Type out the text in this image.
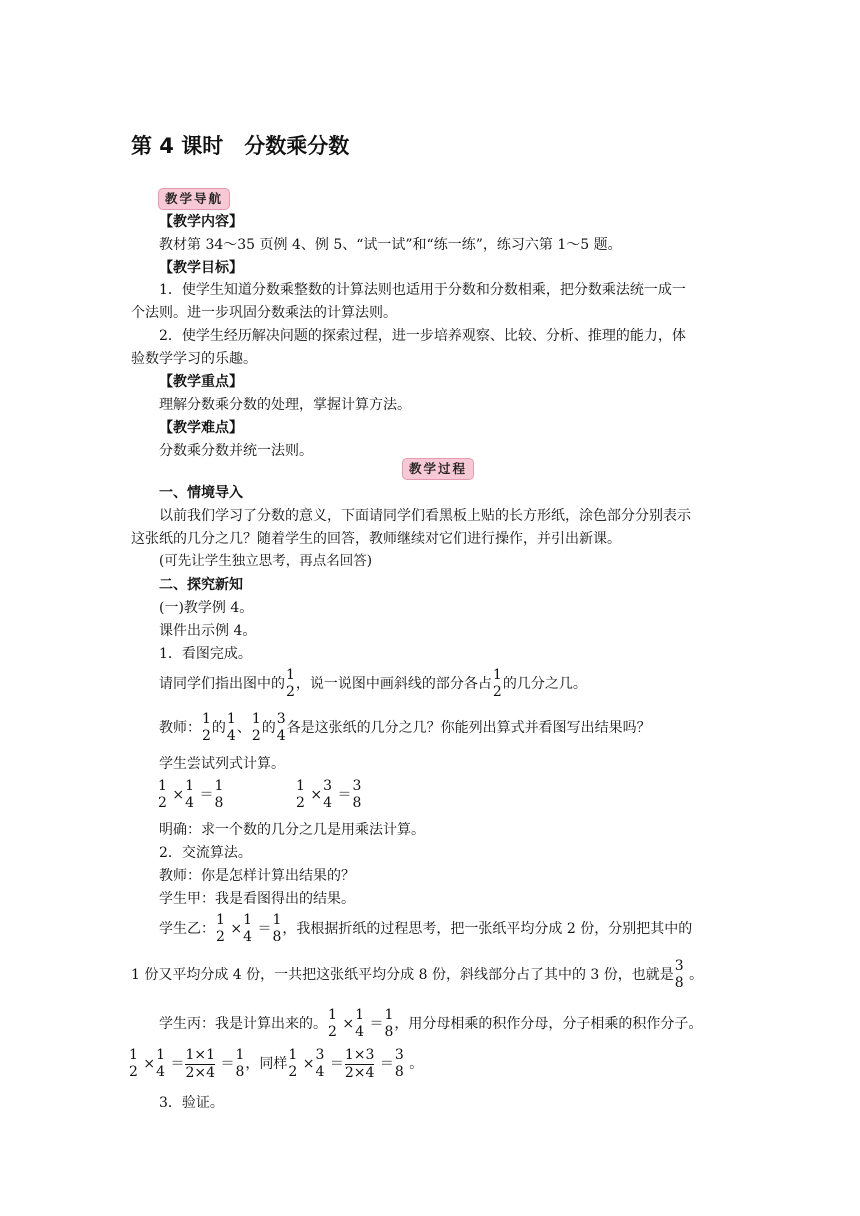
第 4 课时　分数乘分数
教学导航
【教学内容】
教材第 34～35 页例 4、例 5、“试一试”和“练一练”，练习六第 1～5 题。
【教学目标】
1．使学生知道分数乘整数的计算法则也适用于分数和分数相乘，把分数乘法统一成一
个法则。进一步巩固分数乘法的计算法则。
2．使学生经历解决问题的探索过程，进一步培养观察、比较、分析、推理的能力，体
验数学学习的乐趣。
【教学重点】
理解分数乘分数的处理，掌握计算方法。
【教学难点】
分数乘分数并统一法则。
教学过程
一、情境导入
以前我们学习了分数的意义，下面请同学们看黑板上贴的长方形纸，涂色部分分别表示
这张纸的几分之几？随着学生的回答，教师继续对它们进行操作，并引出新课。
(可先让学生独立思考，再点名回答)
二、探究新知
(一)教学例 4。
课件出示例 4。
1．看图完成。
请同学们指出图中的
1
2 ，说一说图中画斜线的部分各占
1
2 的几分之几。
教师：
1
2 的
1
4 、
1
2 的
3
4 各是这张纸的几分之几？你能列出算式并看图写出结果吗？
学生尝试列式计算。
1
2 ×
1
4 ＝
1
8
1
2 ×
3
4 ＝
3
8
明确：求一个数的几分之几是用乘法计算。
2．交流算法。
教师：你是怎样计算出结果的？
学生甲：我是看图得出的结果。
学生乙：
1
2 ×
1
4 ＝
1
8 ，我根据折纸的过程思考，把一张纸平均分成 2 份，分别把其中的
1 份又平均分成 4 份，一共把这张纸平均分成 8 份，斜线部分占了其中的 3 份，也就是
3
8 。
学生丙：我是计算出来的。
1
2 ×
1
4 ＝
1
8 ，用分母相乘的积作分母，分子相乘的积作分子。
1
2 ×
1
$4 = \frac{1\times 1}{2\times 4}$ ＝
1
8 ，同样
1
2 ×
3
$4 = \frac{1\times 3}{2\times 4}$ ＝
3
8 。
3．验证。
